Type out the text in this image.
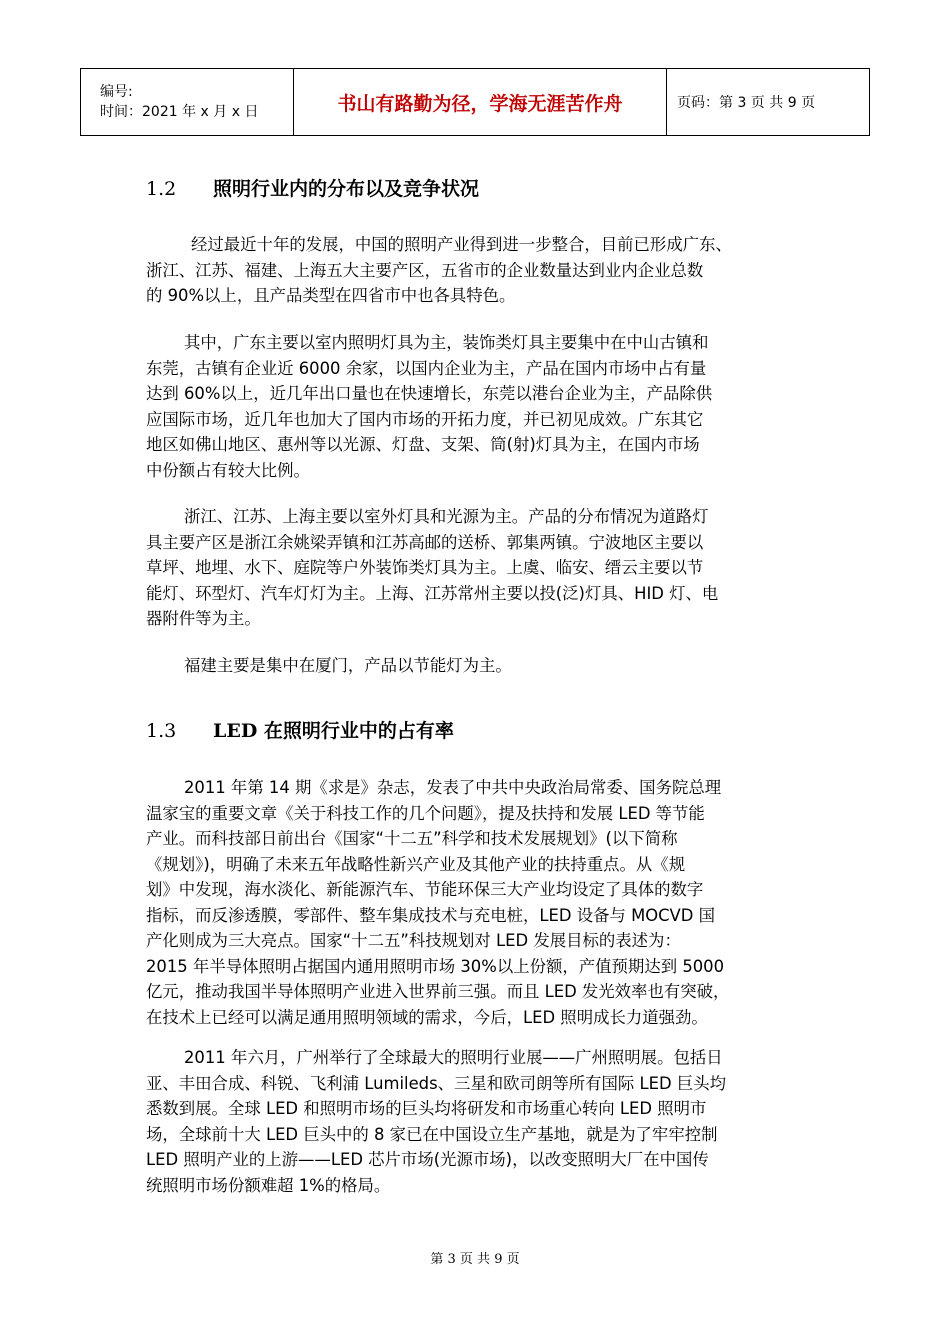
编号:
时间：2021 年 x 月 x 日	书山有路勤为径，学海无涯苦作舟	页码：第 3 页 共 9 页
1.2 照明行业内的分布以及竞争状况
经过最近十年的发展，中国的照明产业得到进一步整合，目前已形成广东、
浙江、江苏、福建、上海五大主要产区，五省市的企业数量达到业内企业总数
的 90%以上，且产品类型在四省市中也各具特色。
其中，广东主要以室内照明灯具为主，装饰类灯具主要集中在中山古镇和
东莞，古镇有企业近 6000 余家，以国内企业为主，产品在国内市场中占有量
达到 60%以上，近几年出口量也在快速增长，东莞以港台企业为主，产品除供
应国际市场，近几年也加大了国内市场的开拓力度，并已初见成效。广东其它
地区如佛山地区、惠州等以光源、灯盘、支架、筒(射)灯具为主，在国内市场
中份额占有较大比例。
浙江、江苏、上海主要以室外灯具和光源为主。产品的分布情况为道路灯
具主要产区是浙江余姚梁弄镇和江苏高邮的送桥、郭集两镇。宁波地区主要以
草坪、地埋、水下、庭院等户外装饰类灯具为主。上虞、临安、缙云主要以节
能灯、环型灯、汽车灯灯为主。上海、江苏常州主要以投(泛)灯具、HID 灯、电
器附件等为主。
福建主要是集中在厦门，产品以节能灯为主。
1.3 LED 在照明行业中的占有率
2011 年第 14 期《求是》杂志，发表了中共中央政治局常委、国务院总理
温家宝的重要文章《关于科技工作的几个问题》，提及扶持和发展 LED 等节能
产业。而科技部日前出台《国家“十二五”科学和技术发展规划》(以下简称
《规划》)，明确了未来五年战略性新兴产业及其他产业的扶持重点。从《规
划》中发现，海水淡化、新能源汽车、节能环保三大产业均设定了具体的数字
指标，而反渗透膜，零部件、整车集成技术与充电桩，LED 设备与 MOCVD 国
产化则成为三大亮点。国家“十二五”科技规划对 LED 发展目标的表述为：
2015 年半导体照明占据国内通用照明市场 30%以上份额，产值预期达到 5000
亿元，推动我国半导体照明产业进入世界前三强。而且 LED 发光效率也有突破，
在技术上已经可以满足通用照明领域的需求，今后，LED 照明成长力道强劲。
2011 年六月，广州举行了全球最大的照明行业展——广州照明展。包括日
亚、丰田合成、科锐、飞利浦 Lumileds、三星和欧司朗等所有国际 LED 巨头均
悉数到展。全球 LED 和照明市场的巨头均将研发和市场重心转向 LED 照明市
场，全球前十大 LED 巨头中的 8 家已在中国设立生产基地，就是为了牢牢控制
LED 照明产业的上游——LED 芯片市场(光源市场)，以改变照明大厂在中国传
统照明市场份额难超 1%的格局。
第 3 页 共 9 页
